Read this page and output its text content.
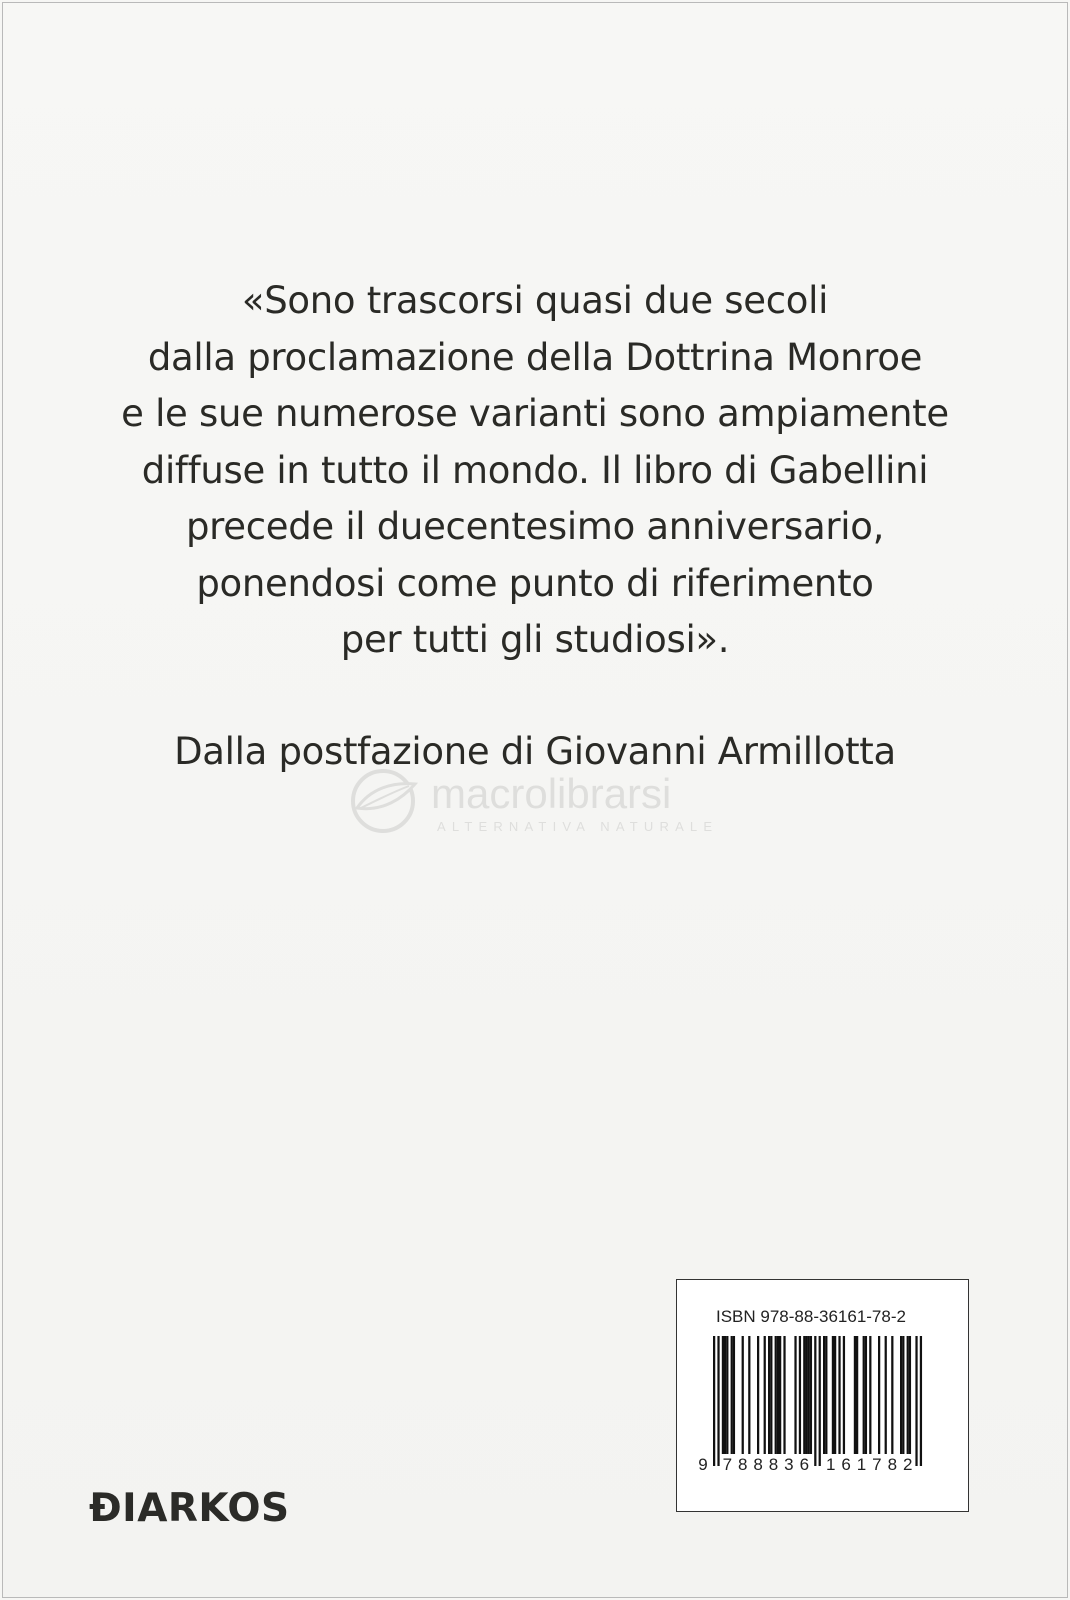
«Sono trascorsi quasi due secoli
dalla proclamazione della Dottrina Monroe
e le sue numerose varianti sono ampiamente
diffuse in tutto il mondo. Il libro di Gabellini
precede il duecentesimo anniversario,
ponendosi come punto di riferimento
per tutti gli studiosi».
Dalla postfazione di Giovanni Armillotta
macrolibrarsi
ALTERNATIVA NATURALE
ISBN 978-88-36161-78-2
9 7 8 8 8 3 6 1 6 1 7 8 2
ÐIARKOS
